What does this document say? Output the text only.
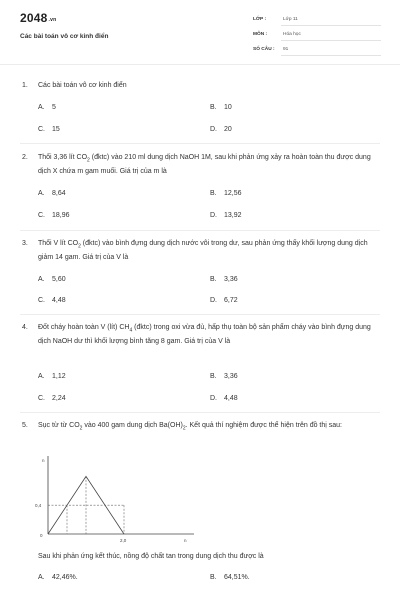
2048.vn
Các bài toán vô cơ kinh điển
LỚP :	Lớp 11
MÔN :	Hóa học
SỐ CÂU : 91
1. Các bài toán vô cơ kinh điển
A. 5	B. 10
C. 15	D. 20
2. Thổi 3,36 lít $CO_2$ (đktc) vào 210 ml dung dịch NaOH 1M, sau khi phản ứng xảy ra hoàn toàn thu được dung dịch X chứa m gam muối. Giá trị của m là
A. 8,64	B. 12,56
C. 18,96	D. 13,92
3. Thổi V lít $CO_2$ (đktc) vào bình đựng dung dịch nước vôi trong dư, sau phản ứng thấy khối lượng dung dịch giảm 14 gam. Giá trị của V là
A. 5,60	B. 3,36
C. 4,48	D. 6,72
4. Đốt cháy hoàn toàn V (lít) $CH_4$ (đktc) trong oxi vừa đủ, hấp thụ toàn bộ sản phẩm cháy vào bình đựng dung dịch NaOH dư thì khối lượng bình tăng 8 gam. Giá trị của V là
A. 1,12	B. 3,36
C. 2,24	D. 4,48
5. Sục từ từ $CO_2$ vào 400 gam dung dịch $Ba(OH)_2$. Kết quả thí nghiệm được thể hiện trên đồ thị sau:
n
n
0
0,4
2,0
Sau khi phản ứng kết thúc, nồng độ chất tan trong dung dịch thu được là
A. 42,46%.	B. 64,51%.
